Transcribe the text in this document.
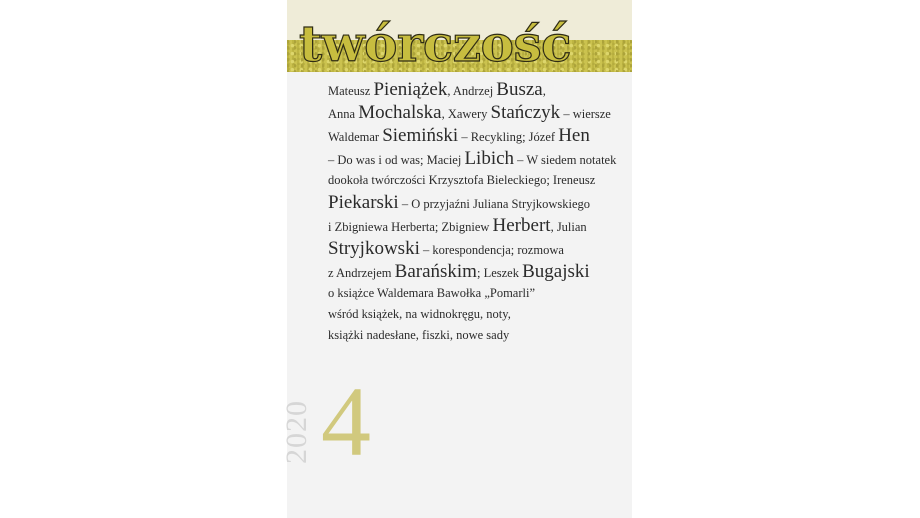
twórczość
Mateusz Pieniążek, Andrzej Busza,
Anna Mochalska, Xawery Stańczyk – wiersze
Waldemar Siemiński – Recykling; Józef Hen
– Do was i od was; Maciej Libich – W siedem notatek
dookoła twórczości Krzysztofa Bieleckiego; Ireneusz
Piekarski – O przyjaźni Juliana Stryjkowskiego
i Zbigniewa Herberta; Zbigniew Herbert, Julian
Stryjkowski – korespondencja; rozmowa
z Andrzejem Barańskim; Leszek Bugajski
o książce Waldemara Bawołka „Pomarli”
wśród książek, na widnokręgu, noty,
książki nadesłane, fiszki, nowe sady
2020 4
